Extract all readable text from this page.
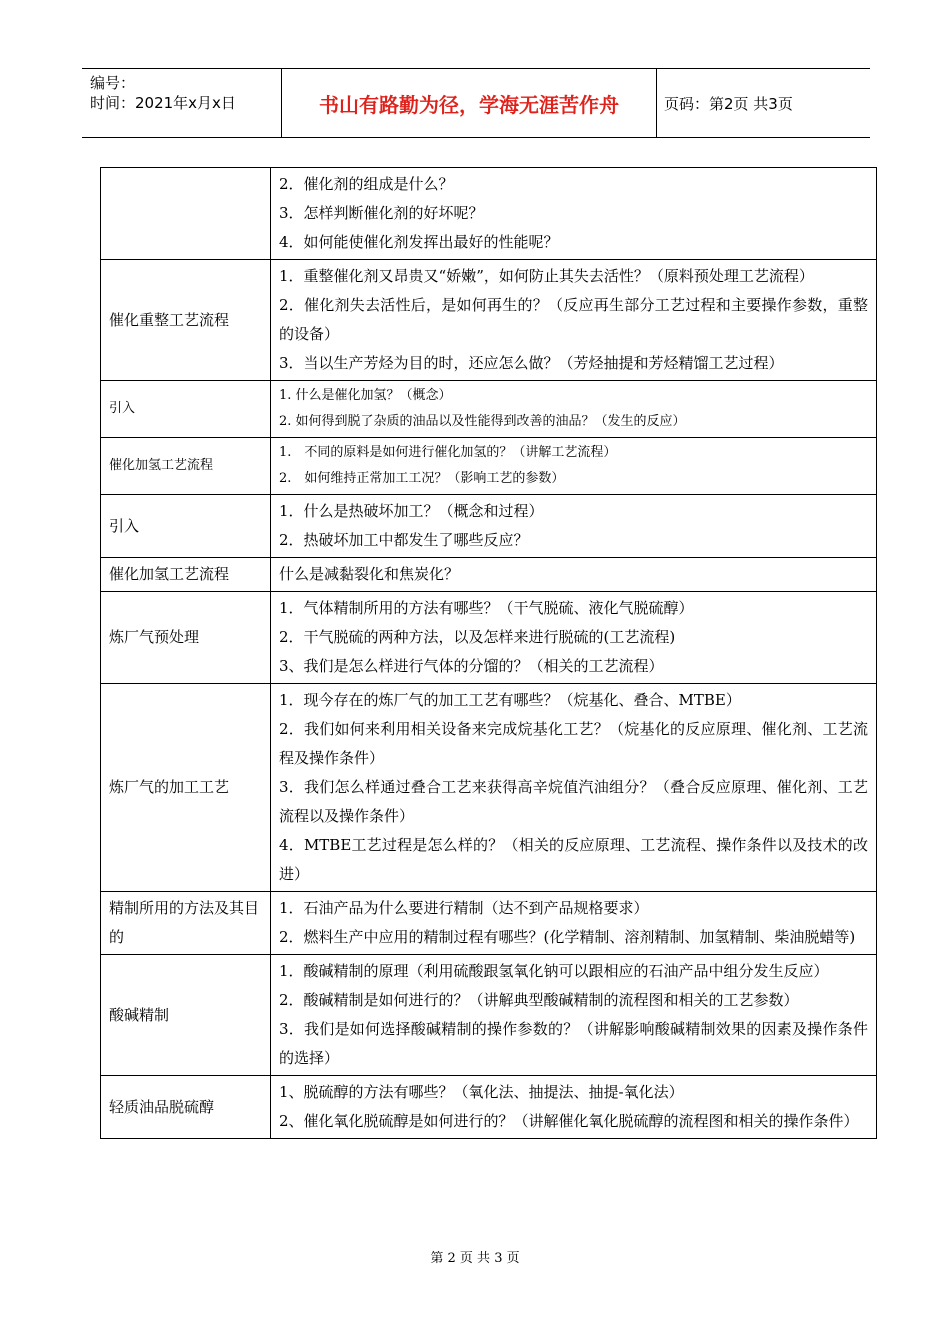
编号：
时间：2021年x月x日	书山有路勤为径，学海无涯苦作舟	页码：第2页 共3页

	2．催化剂的组成是什么？
3．怎样判断催化剂的好坏呢？
4．如何能使催化剂发挥出最好的性能呢？

催化重整工艺流程	1．重整催化剂又昂贵又“娇嫩”，如何防止其失去活性？（原料预处理工艺流程）
2．催化剂失去活性后，是如何再生的？（反应再生部分工艺过程和主要操作参数，重整的设备）
3．当以生产芳烃为目的时，还应怎么做？（芳烃抽提和芳烃精馏工艺过程）

引入	1. 什么是催化加氢？（概念）
2. 如何得到脱了杂质的油品以及性能得到改善的油品？（发生的反应）

催化加氢工艺流程	1.　不同的原料是如何进行催化加氢的？（讲解工艺流程）
2.　如何维持正常加工工况？（影响工艺的参数）

引入	1．什么是热破坏加工？（概念和过程）
2．热破坏加工中都发生了哪些反应？

催化加氢工艺流程	什么是减黏裂化和焦炭化？

炼厂气预处理	1．气体精制所用的方法有哪些？（干气脱硫、液化气脱硫醇）
2．干气脱硫的两种方法，以及怎样来进行脱硫的(工艺流程)
3、我们是怎么样进行气体的分馏的？（相关的工艺流程）

炼厂气的加工工艺	1．现今存在的炼厂气的加工工艺有哪些？（烷基化、叠合、MTBE）
2．我们如何来利用相关设备来完成烷基化工艺？（烷基化的反应原理、催化剂、工艺流程及操作条件）
3．我们怎么样通过叠合工艺来获得高辛烷值汽油组分？（叠合反应原理、催化剂、工艺流程以及操作条件）
4．MTBE工艺过程是怎么样的？（相关的反应原理、工艺流程、操作条件以及技术的改进）

精制所用的方法及其目的	1．石油产品为什么要进行精制（达不到产品规格要求）
2．燃料生产中应用的精制过程有哪些？(化学精制、溶剂精制、加氢精制、柴油脱蜡等)

酸碱精制	1．酸碱精制的原理（利用硫酸跟氢氧化钠可以跟相应的石油产品中组分发生反应）
2．酸碱精制是如何进行的？（讲解典型酸碱精制的流程图和相关的工艺参数）
3．我们是如何选择酸碱精制的操作参数的？（讲解影响酸碱精制效果的因素及操作条件的选择）

轻质油品脱硫醇	1、脱硫醇的方法有哪些？（氧化法、抽提法、抽提-氧化法）
2、催化氧化脱硫醇是如何进行的？（讲解催化氧化脱硫醇的流程图和相关的操作条件）
第 2 页 共 3 页
